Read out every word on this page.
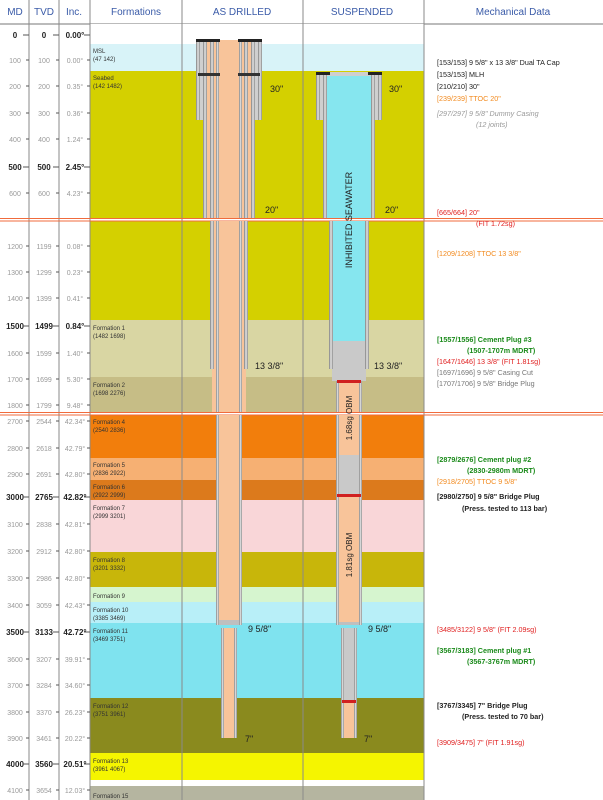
MD TVD Inc.	Formations	AS DRILLED	SUSPENDED	Mechanical Data
0	0 0.00°
100 100 0.00°
200 200 0.35°
300 300 0.36°
400 400 1.24°
500 500 2.45°
600 600 4.23°
1200 1199 0.08°
1300 1299 0.23°
1400 1399 0.41°
1500 1499 0.84°
1600 1599 1.40°
1700 1699 5.30°
1800 1799 9.48°
2700 2544 42.34°
2800 2618 42.79°
2900 2691 42.80°
3000 2765 42.82°
3100 2838 42.81°
3200 2912 42.80°
3300 2986 42.80°
3400 3059 42.43°
3500 3133 42.72°
3600 3207 39.91°
3700 3284 34.60°
3800 3370 26.23°
3900 3461 20.22°
4000 3560 20.51°
4100 3654 12.03°
MSL
(47 142)
Seabed
(142 1482)
Formation 1
(1482 1698)
Formation 2
(1698 2276)
Formation 4
(2540 2836)
Formation 5
(2836 2922)
Formation 6
(2922 2999)
Formation 7
(2999 3201)
Formation 8
(3201 3332)
Formation 9
Formation 10
(3385 3469)
Formation 11
(3469 3751)
Formation 12
(3751 3961)
Formation 13
(3961 4067)
Formation 15
30"
20"
13 3/8"
9 5/8"
7"
30"
20"
13 3/8"
9 5/8"
7"
INHIBITED SEAWATER
1.68sg OBM
1.81sg OBM
[153/153] 9 5/8" x 13 3/8" Dual TA Cap
[153/153] MLH
[210/210] 30"
[239/239] TTOC 20"
[297/297] 9 5/8" Dummy Casing
(12 joints)
[665/664] 20"
(FIT 1.72sg)
[1209/1208] TTOC 13 3/8"
[1557/1556] Cement Plug #3
(1507-1707m MDRT)
[1647/1646] 13 3/8" (FIT 1.81sg)
[1697/1696] 9 5/8" Casing Cut
[1707/1706] 9 5/8" Bridge Plug
[2879/2676] Cement plug #2
(2830-2980m MDRT)
[2918/2705] TTOC 9 5/8"
[2980/2750] 9 5/8" Bridge Plug
(Press. tested to 113 bar)
[3485/3122] 9 5/8" (FIT 2.09sg)
[3567/3183] Cement plug #1
(3567-3767m MDRT)
[3767/3345] 7" Bridge Plug
(Press. tested to 70 bar)
[3909/3475] 7" (FIT 1.91sg)
